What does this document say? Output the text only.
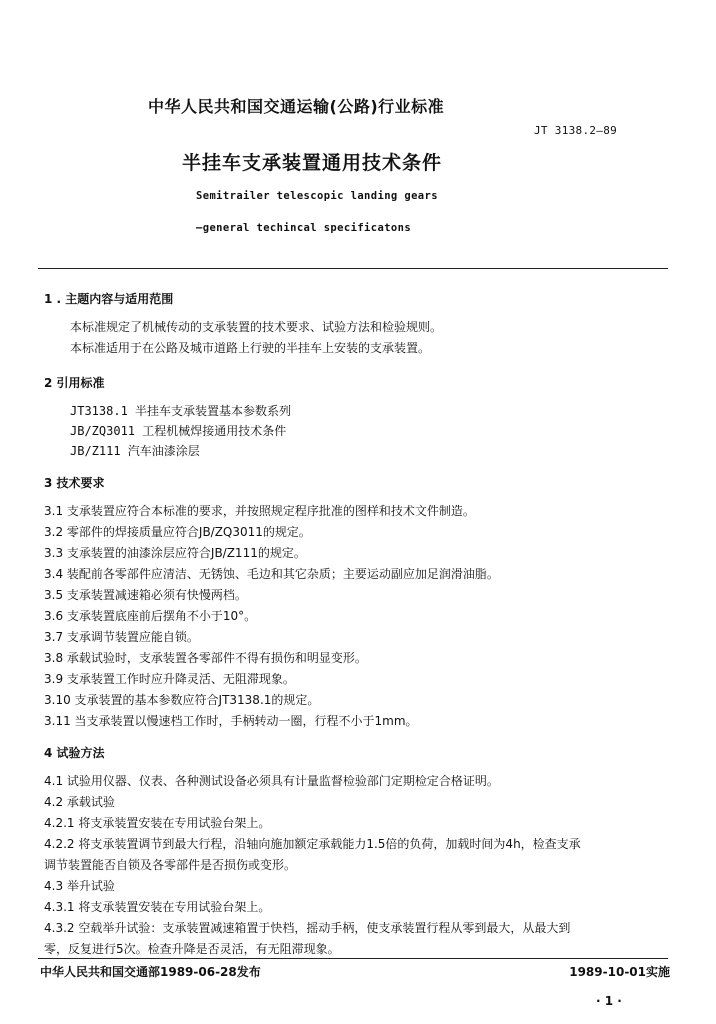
中华人民共和国交通运输(公路)行业标准
JT 3138.2—89
半挂车支承装置通用技术条件
Semitrailer telescopic landing gears
—general techincal specificatons
1 . 主题内容与适用范围
本标准规定了机械传动的支承装置的技术要求、试验方法和检验规则。
本标准适用于在公路及城市道路上行驶的半挂车上安装的支承装置。
2 引用标准
JT3138.1 半挂车支承装置基本参数系列
JB/ZQ3011 工程机械焊接通用技术条件
JB/Z111 汽车油漆涂层
3 技术要求
3.1 支承装置应符合本标准的要求，并按照规定程序批准的图样和技术文件制造。
3.2 零部件的焊接质量应符合JB/ZQ3011的规定。
3.3 支承装置的油漆涂层应符合JB/Z111的规定。
3.4 装配前各零部件应清洁、无锈蚀、毛边和其它杂质；主要运动副应加足润滑油脂。
3.5 支承装置减速箱必须有快慢两档。
3.6 支承装置底座前后摆角不小于10°。
3.7 支承调节装置应能自锁。
3.8 承载试验时，支承装置各零部件不得有损伤和明显变形。
3.9 支承装置工作时应升降灵活、无阻滞现象。
3.10 支承装置的基本参数应符合JT3138.1的规定。
3.11 当支承装置以慢速档工作时，手柄转动一圈，行程不小于1mm。
4 试验方法
4.1 试验用仪器、仪表、各种测试设备必须具有计量监督检验部门定期检定合格证明。
4.2 承载试验
4.2.1 将支承装置安装在专用试验台架上。
4.2.2 将支承装置调节到最大行程，沿轴向施加额定承载能力1.5倍的负荷，加载时间为4h，检查支承
调节装置能否自锁及各零部件是否损伤或变形。
4.3 举升试验
4.3.1 将支承装置安装在专用试验台架上。
4.3.2 空载举升试验：支承装置减速箱置于快档，摇动手柄，使支承装置行程从零到最大，从最大到
零，反复进行5次。检查升降是否灵活，有无阻滞现象。
中华人民共和国交通部1989-06-28发布	1989-10-01实施
· 1 ·
